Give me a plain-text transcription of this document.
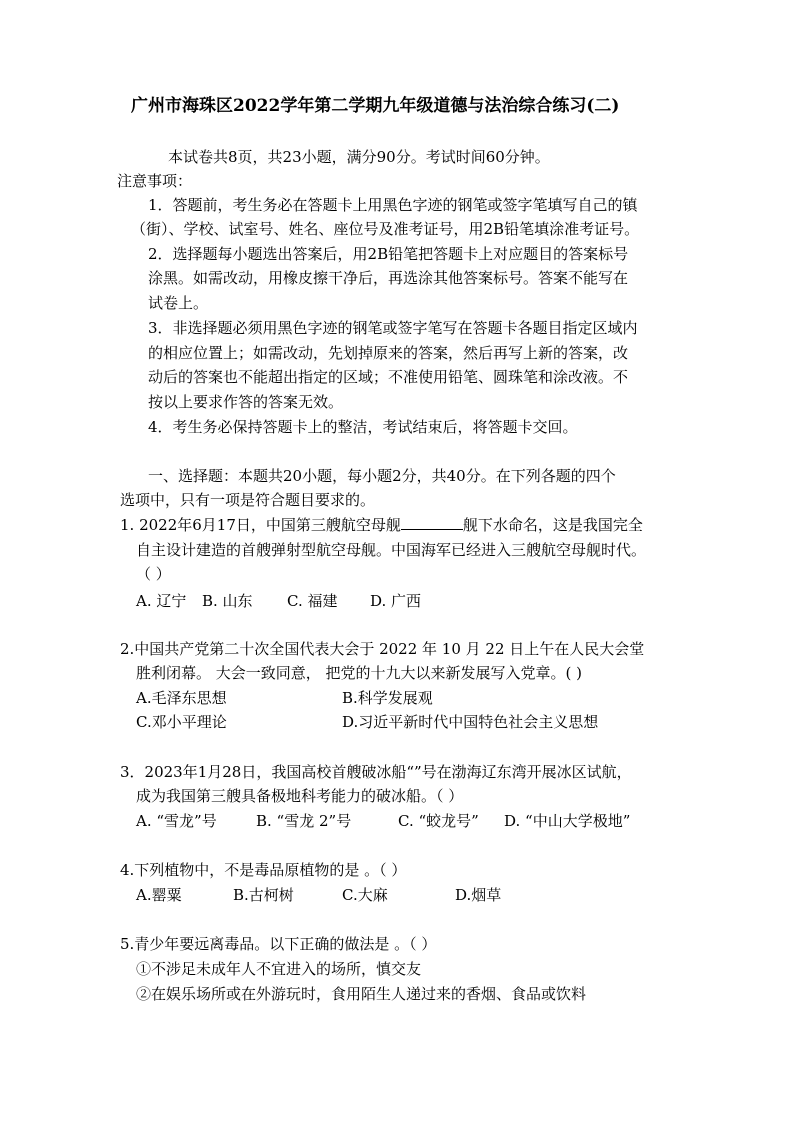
广州市海珠区2022学年第二学期九年级道德与法治综合练习(二)
本试卷共8页，共23小题，满分90分。考试时间60分钟。
注意事项：
1．答题前，考生务必在答题卡上用黑色字迹的钢笔或签字笔填写自己的镇
（街）、学校、试室号、姓名、座位号及准考证号，用2B铅笔填涂准考证号。
2．选择题每小题选出答案后，用2B铅笔把答题卡上对应题目的答案标号
涂黑。如需改动，用橡皮擦干净后，再选涂其他答案标号。答案不能写在
试卷上。
3．非选择题必须用黑色字迹的钢笔或签字笔写在答题卡各题目指定区域内
的相应位置上；如需改动，先划掉原来的答案，然后再写上新的答案，改
动后的答案也不能超出指定的区域；不准使用铅笔、圆珠笔和涂改液。不
按以上要求作答的答案无效。
4．考生务必保持答题卡上的整洁，考试结束后，将答题卡交回。
一、选择题：本题共20小题，每小题2分，共40分。在下列各题的四个
选项中，只有一项是符合题目要求的。
1. 2022年6月17日，中国第三艘航空母舰	舰下水命名，这是我国完全
自主设计建造的首艘弹射型航空母舰。中国海军已经进入三艘航空母舰时代。
（ ）
A. 辽宁 B. 山东 C. 福建 D. 广西
2.中国共产党第二十次全国代表大会于 2022 年 10 月 22 日上午在人民大会堂
胜利闭幕。 大会一致同意， 把党的十九大以来新发展写入党章。( )
A.毛泽东思想	B.科学发展观
C.邓小平理论	D.习近平新时代中国特色社会主义思想
3．2023年1月28日，我国高校首艘破冰船“”号在渤海辽东湾开展冰区试航，
成为我国第三艘具备极地科考能力的破冰船。（ ）
A. “雪龙”号	B. “雪龙 2”号	C. “蛟龙号” D. “中山大学极地”
4.下列植物中，不是毒品原植物的是 。（ ）
A.罂粟	B.古柯树	C.大麻	D.烟草
5.青少年要远离毒品。以下正确的做法是 。（ ）
①不涉足未成年人不宜进入的场所，慎交友
②在娱乐场所或在外游玩时，食用陌生人递过来的香烟、食品或饮料
